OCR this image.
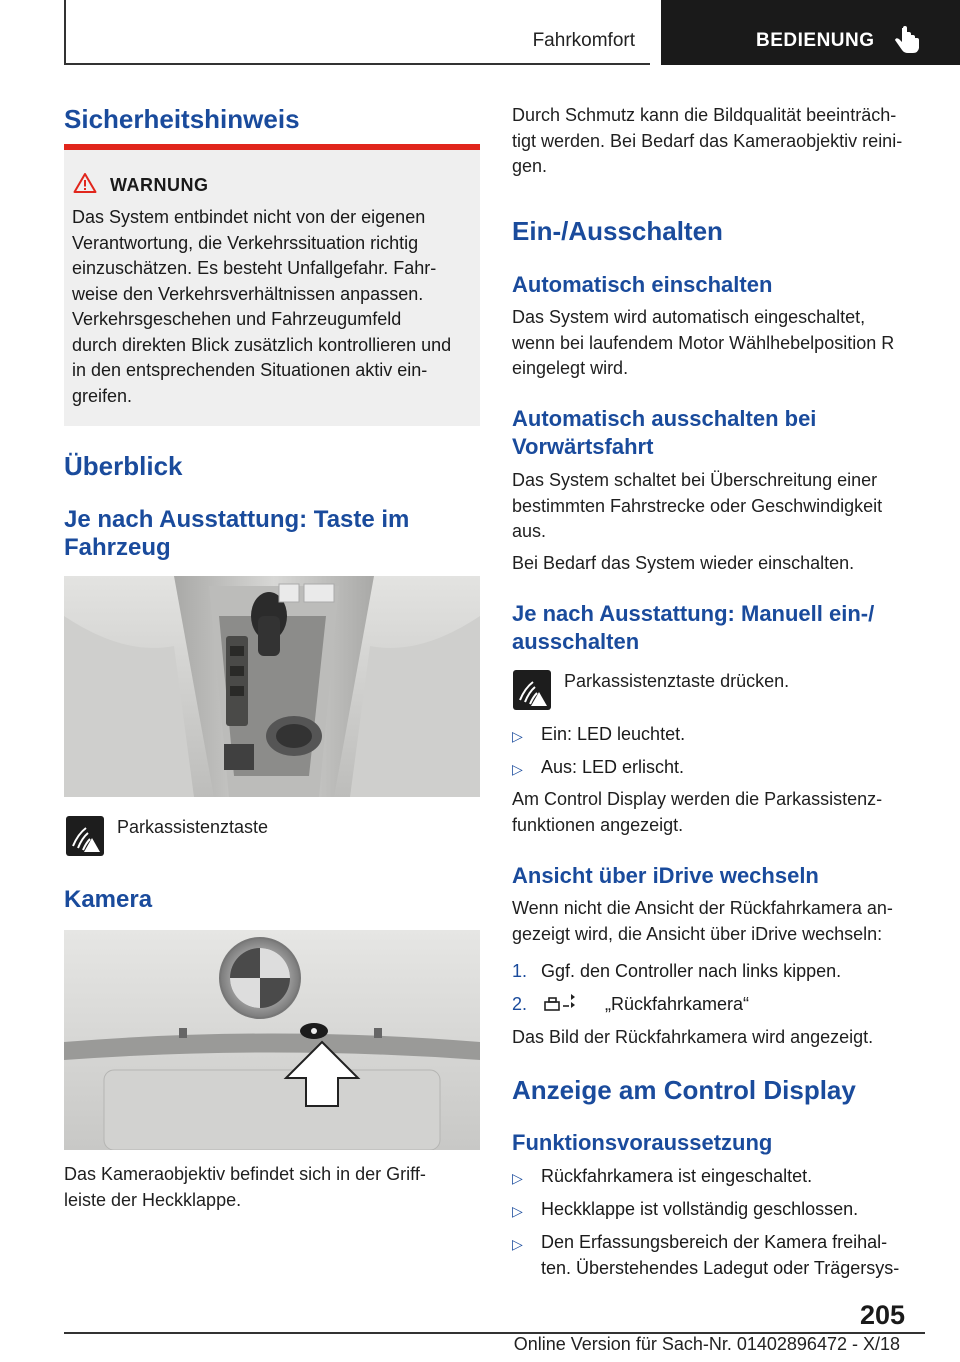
Fahrkomfort	BEDIENUNG
Sicherheitshinweis
WARNUNG
Das System entbindet nicht von der eigenen
Verantwortung, die Verkehrssituation richtig
einzuschätzen. Es besteht Unfallgefahr. Fahr-
weise den Verkehrsverhältnissen anpassen.
Verkehrsgeschehen und Fahrzeugumfeld
durch direkten Blick zusätzlich kontrollieren und
in den entsprechenden Situationen aktiv ein-
greifen.
Überblick
Je nach Ausstattung: Taste im
Fahrzeug
Parkassistenztaste
Kamera
Das Kameraobjektiv befindet sich in der Griff-
leiste der Heckklappe.
Durch Schmutz kann die Bildqualität beeinträch-
tigt werden. Bei Bedarf das Kameraobjektiv reini-
gen.
Ein-/Ausschalten
Automatisch einschalten
Das System wird automatisch eingeschaltet,
wenn bei laufendem Motor Wählhebelposition R
eingelegt wird.
Automatisch ausschalten bei
Vorwärtsfahrt
Das System schaltet bei Überschreitung einer
bestimmten Fahrstrecke oder Geschwindigkeit
aus.
Bei Bedarf das System wieder einschalten.
Je nach Ausstattung: Manuell ein-/
ausschalten
Parkassistenztaste drücken.
▷ Ein: LED leuchtet.
▷ Aus: LED erlischt.
Am Control Display werden die Parkassistenz-
funktionen angezeigt.
Ansicht über iDrive wechseln
Wenn nicht die Ansicht der Rückfahrkamera an-
gezeigt wird, die Ansicht über iDrive wechseln:
1. Ggf. den Controller nach links kippen.
2.	„Rückfahrkamera“
Das Bild der Rückfahrkamera wird angezeigt.
Anzeige am Control Display
Funktionsvoraussetzung
▷ Rückfahrkamera ist eingeschaltet.
▷ Heckklappe ist vollständig geschlossen.
▷ Den Erfassungsbereich der Kamera freihal-
ten. Überstehendes Ladegut oder Trägersys-
205
Online Version für Sach-Nr. 01402896472 - X/18
